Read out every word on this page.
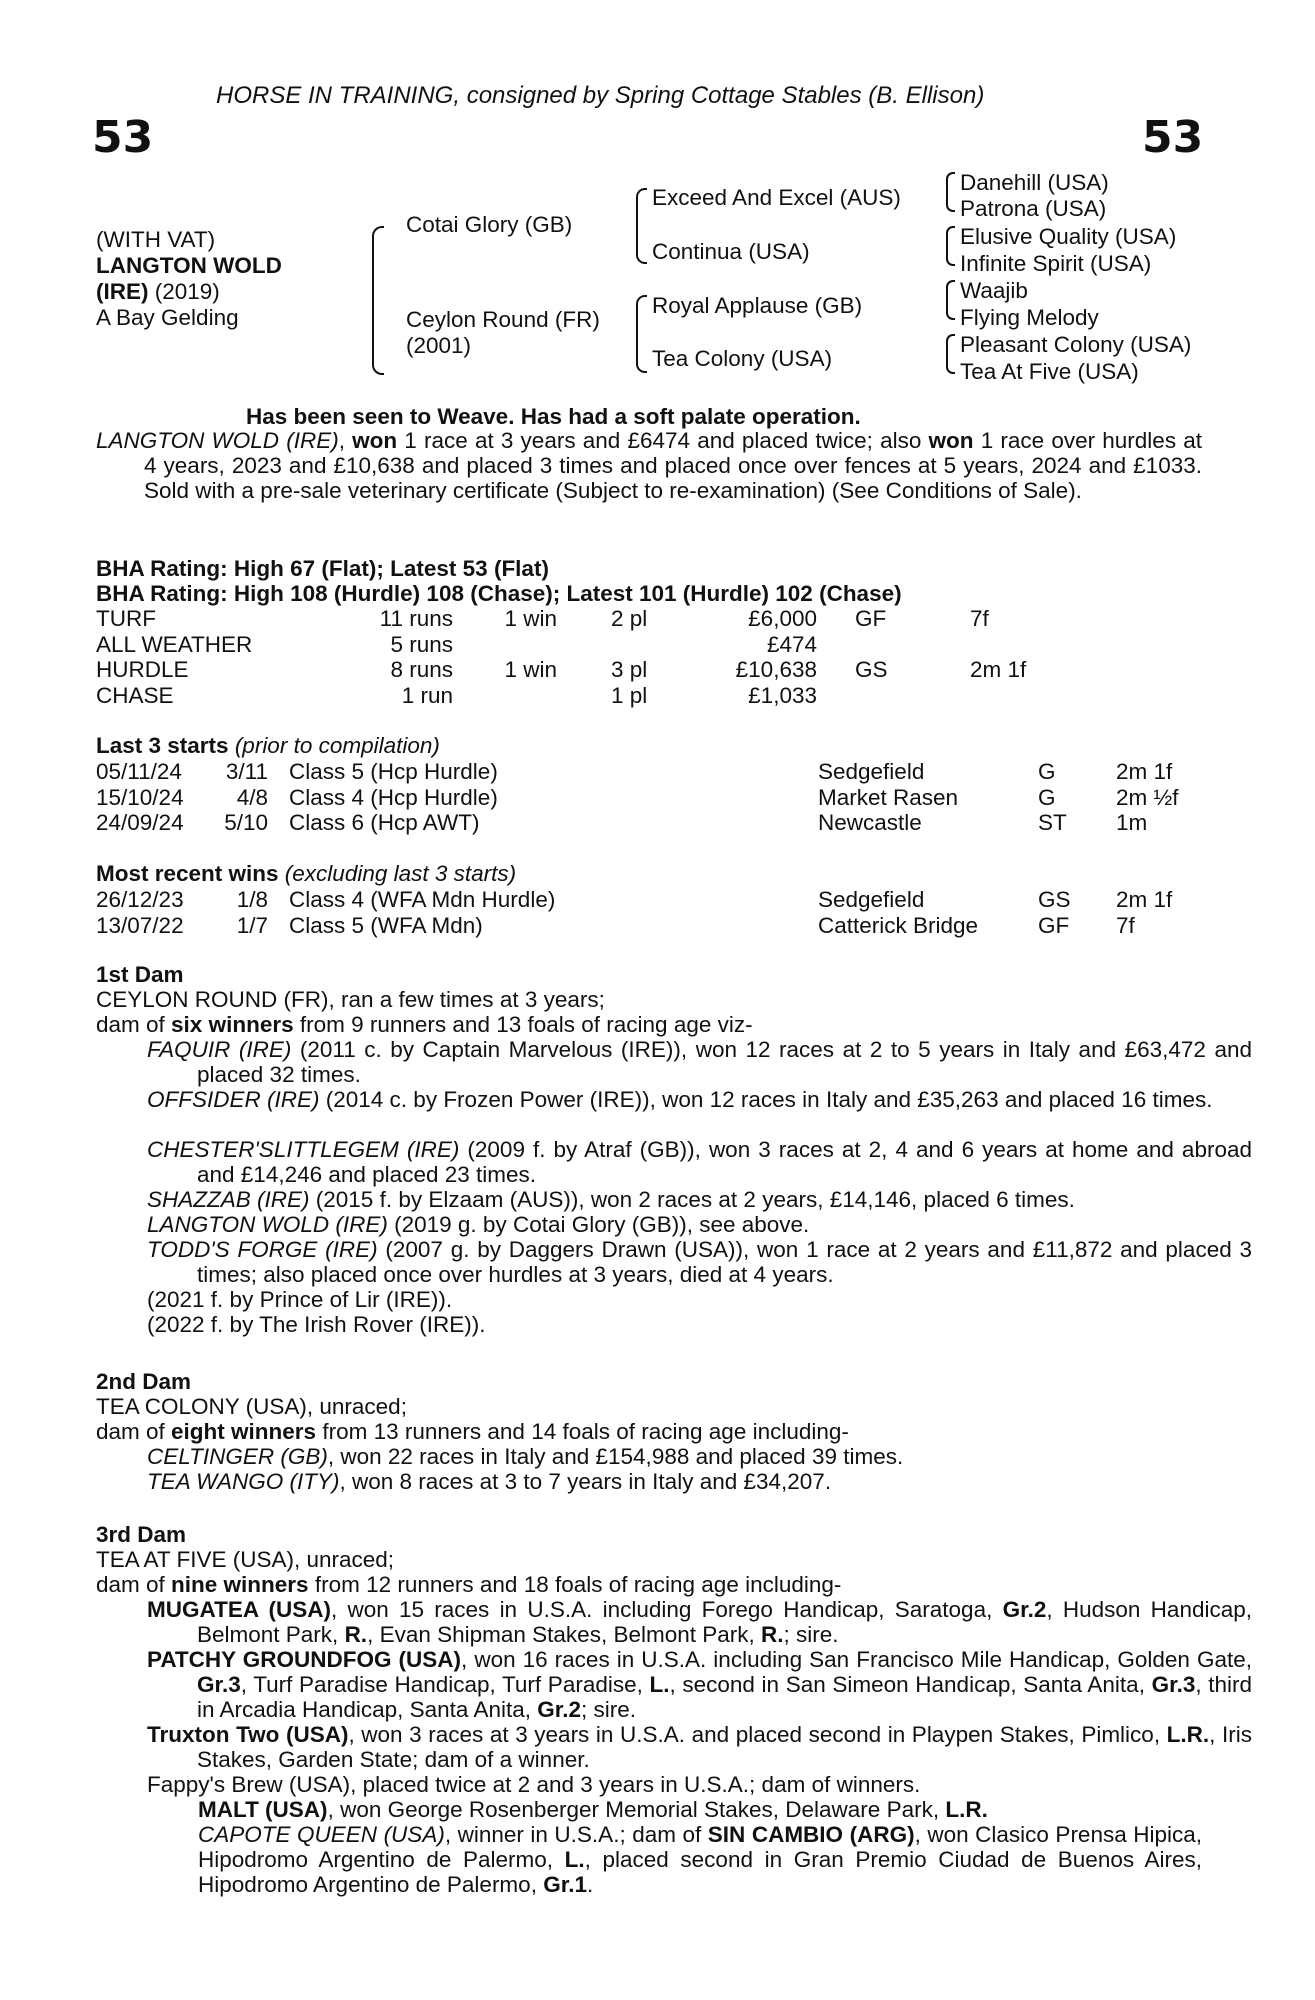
HORSE IN TRAINING, consigned by Spring Cottage Stables (B. Ellison)
53	53
(WITH VAT)
LANGTON WOLD
(IRE) (2019)
A Bay Gelding
Cotai Glory (GB)
Ceylon Round (FR)
(2001)
Exceed And Excel (AUS)
Continua (USA)
Royal Applause (GB)
Tea Colony (USA)
Danehill (USA)
Patrona (USA)
Elusive Quality (USA)
Infinite Spirit (USA)
Waajib
Flying Melody
Pleasant Colony (USA)
Tea At Five (USA)
Has been seen to Weave. Has had a soft palate operation.
LANGTON WOLD (IRE), won 1 race at 3 years and £6474 and placed twice; also won 1 race over hurdles at 4 years, 2023 and £10,638 and placed 3 times and placed once over fences at 5 years, 2024 and £1033. Sold with a pre-sale veterinary certificate (Subject to re-examination) (See Conditions of Sale).
BHA Rating: High 67 (Flat); Latest 53 (Flat)
BHA Rating: High 108 (Hurdle) 108 (Chase); Latest 101 (Hurdle) 102 (Chase)
TURF	11 runs 1 win 2 pl	£6,000 GF	7f
ALL WEATHER	5 runs	£474
HURDLE	8 runs 1 win 3 pl	£10,638 GS	2m 1f
CHASE	1 run	1 pl	£1,033
Last 3 starts (prior to compilation)
05/11/24 3/11 Class 5 (Hcp Hurdle)	Sedgefield	G	2m 1f
15/10/24 4/8 Class 4 (Hcp Hurdle)	Market Rasen	G	2m ½f
24/09/24 5/10 Class 6 (Hcp AWT)	Newcastle	ST 1m
Most recent wins (excluding last 3 starts)
26/12/23 1/8 Class 4 (WFA Mdn Hurdle)	Sedgefield	GS 2m 1f
13/07/22 1/7 Class 5 (WFA Mdn)	Catterick Bridge	GF 7f
1st Dam
CEYLON ROUND (FR), ran a few times at 3 years;
dam of six winners from 9 runners and 13 foals of racing age viz-
FAQUIR (IRE) (2011 c. by Captain Marvelous (IRE)), won 12 races at 2 to 5 years in Italy and £63,472 and placed 32 times.
OFFSIDER (IRE) (2014 c. by Frozen Power (IRE)), won 12 races in Italy and £35,263 and placed 16 times.
CHESTER'SLITTLEGEM (IRE) (2009 f. by Atraf (GB)), won 3 races at 2, 4 and 6 years at home and abroad and £14,246 and placed 23 times.
SHAZZAB (IRE) (2015 f. by Elzaam (AUS)), won 2 races at 2 years, £14,146, placed 6 times.
LANGTON WOLD (IRE) (2019 g. by Cotai Glory (GB)), see above.
TODD'S FORGE (IRE) (2007 g. by Daggers Drawn (USA)), won 1 race at 2 years and £11,872 and placed 3 times; also placed once over hurdles at 3 years, died at 4 years.
(2021 f. by Prince of Lir (IRE)).
(2022 f. by The Irish Rover (IRE)).
2nd Dam
TEA COLONY (USA), unraced;
dam of eight winners from 13 runners and 14 foals of racing age including-
CELTINGER (GB), won 22 races in Italy and £154,988 and placed 39 times.
TEA WANGO (ITY), won 8 races at 3 to 7 years in Italy and £34,207.
3rd Dam
TEA AT FIVE (USA), unraced;
dam of nine winners from 12 runners and 18 foals of racing age including-
MUGATEA (USA), won 15 races in U.S.A. including Forego Handicap, Saratoga, Gr.2, Hudson Handicap, Belmont Park, R., Evan Shipman Stakes, Belmont Park, R.; sire.
PATCHY GROUNDFOG (USA), won 16 races in U.S.A. including San Francisco Mile Handicap, Golden Gate, Gr.3, Turf Paradise Handicap, Turf Paradise, L., second in San Simeon Handicap, Santa Anita, Gr.3, third in Arcadia Handicap, Santa Anita, Gr.2; sire.
Truxton Two (USA), won 3 races at 3 years in U.S.A. and placed second in Playpen Stakes, Pimlico, L.R., Iris Stakes, Garden State; dam of a winner.
Fappy's Brew (USA), placed twice at 2 and 3 years in U.S.A.; dam of winners.
MALT (USA), won George Rosenberger Memorial Stakes, Delaware Park, L.R.
CAPOTE QUEEN (USA), winner in U.S.A.; dam of SIN CAMBIO (ARG), won Clasico Prensa Hipica, Hipodromo Argentino de Palermo, L., placed second in Gran Premio Ciudad de Buenos Aires, Hipodromo Argentino de Palermo, Gr.1.
